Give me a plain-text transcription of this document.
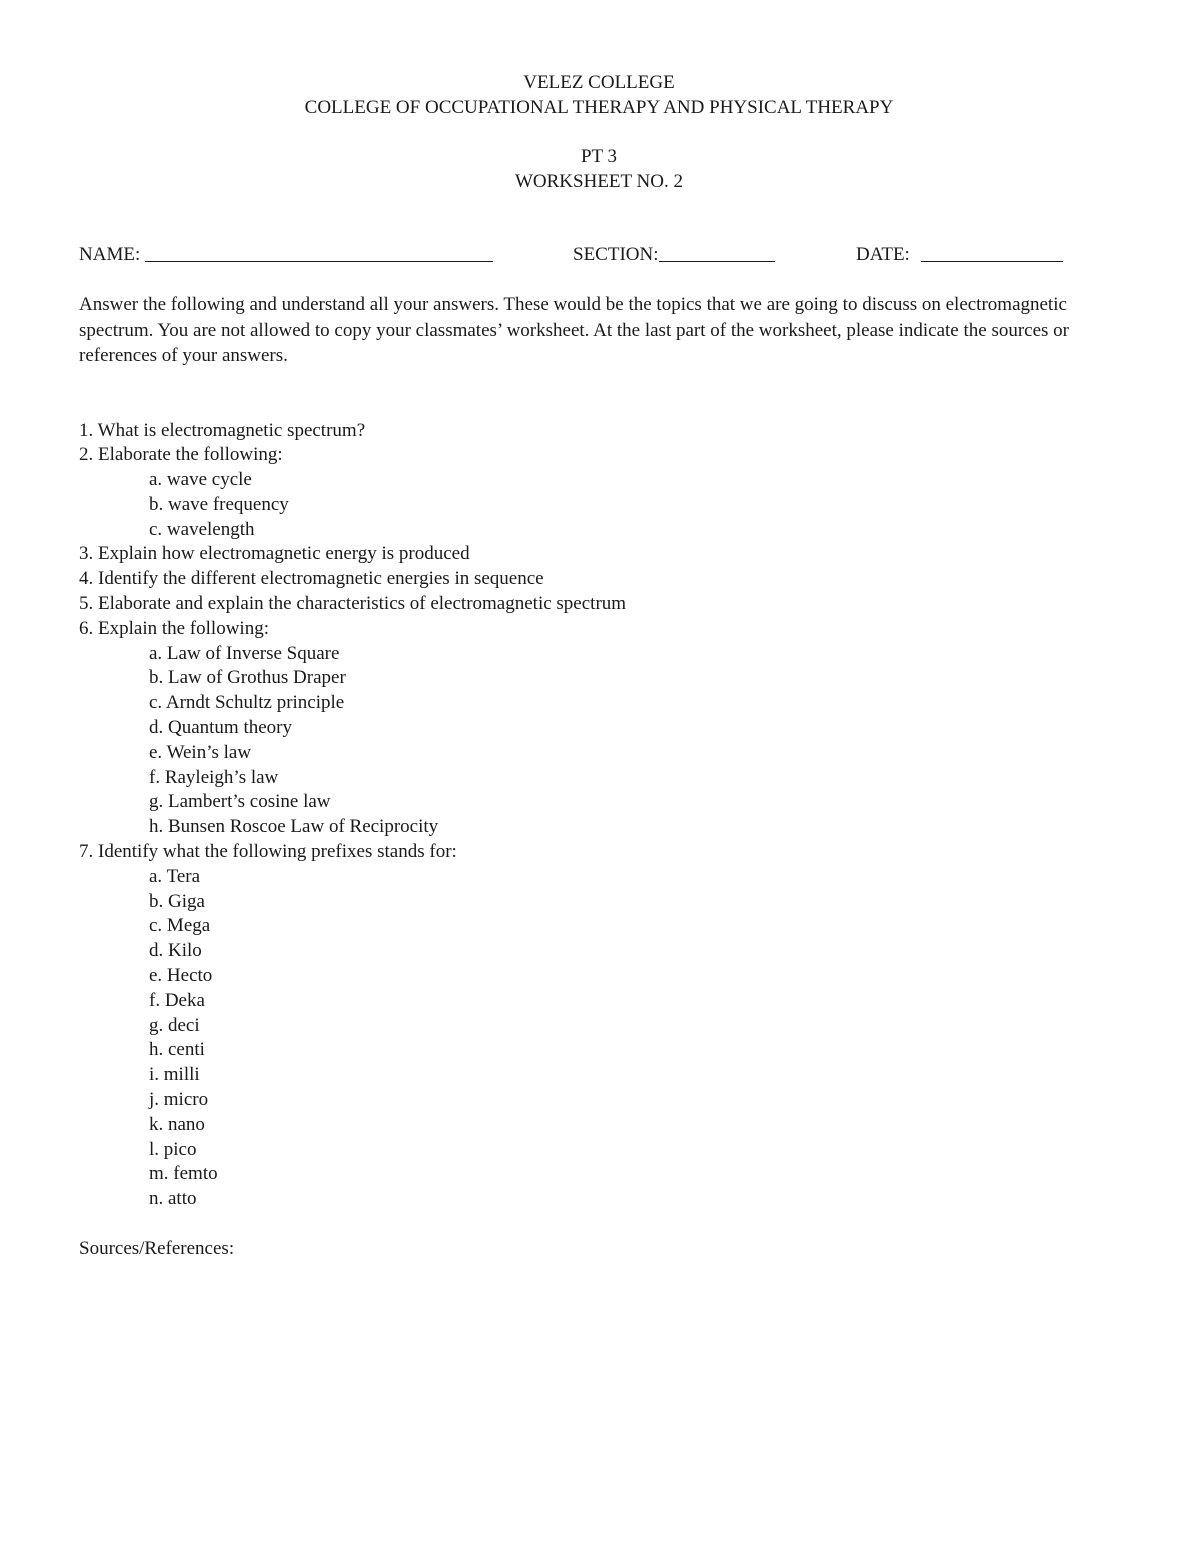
VELEZ COLLEGE
COLLEGE OF OCCUPATIONAL THERAPY AND PHYSICAL THERAPY
PT 3
WORKSHEET NO. 2
NAME:	SECTION:	DATE:
Answer the following and understand all your answers. These would be the topics that we are going to discuss on electromagnetic spectrum. You are not allowed to copy your classmates’ worksheet. At the last part of the worksheet, please indicate the sources or references of your answers.
1. What is electromagnetic spectrum?
2. Elaborate the following:
a. wave cycle
b. wave frequency
c. wavelength
3. Explain how electromagnetic energy is produced
4. Identify the different electromagnetic energies in sequence
5. Elaborate and explain the characteristics of electromagnetic spectrum
6. Explain the following:
a. Law of Inverse Square
b. Law of Grothus Draper
c. Arndt Schultz principle
d. Quantum theory
e. Wein’s law
f. Rayleigh’s law
g. Lambert’s cosine law
h. Bunsen Roscoe Law of Reciprocity
7. Identify what the following prefixes stands for:
a. Tera
b. Giga
c. Mega
d. Kilo
e. Hecto
f. Deka
g. deci
h. centi
i. milli
j. micro
k. nano
l. pico
m. femto
n. atto
Sources/References:
